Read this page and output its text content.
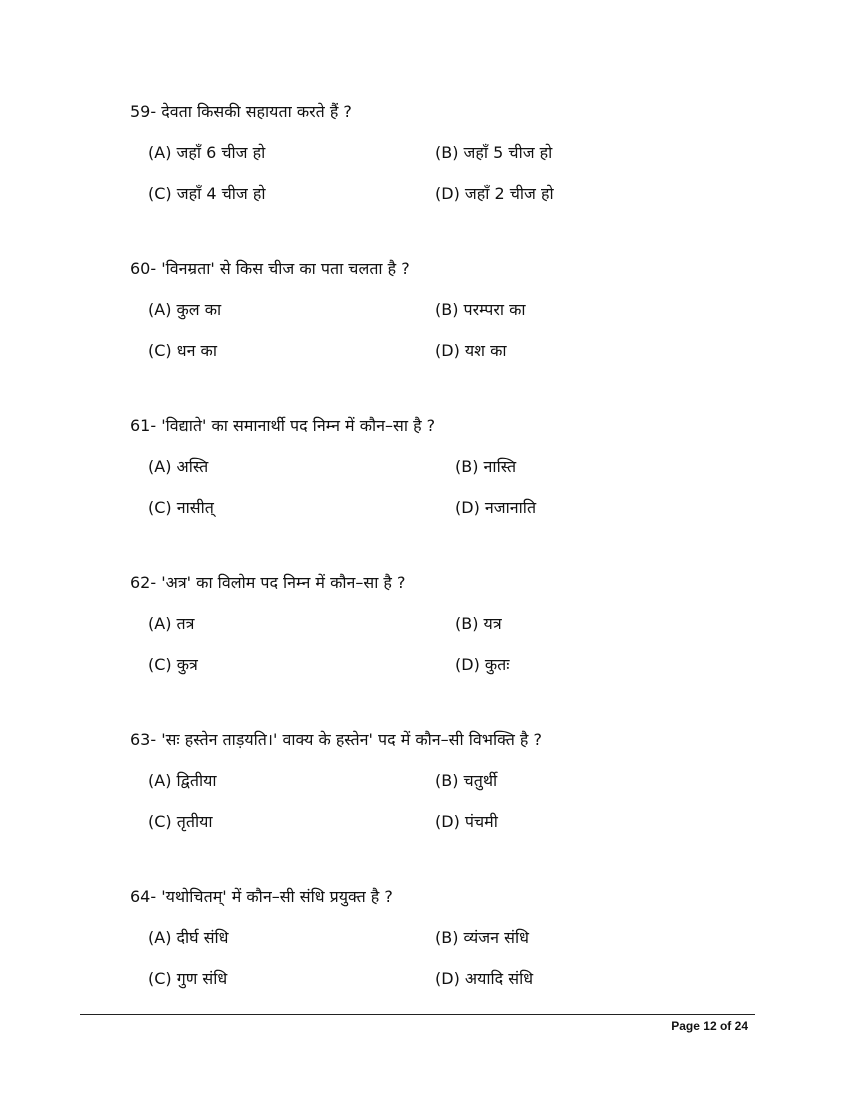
59- देवता किसकी सहायता करते हैं ?
(A) जहाँ 6 चीज हो	(B) जहाँ 5 चीज हो
(C) जहाँ 4 चीज हो	(D) जहाँ 2 चीज हो
60- 'विनम्रता' से किस चीज का पता चलता है ?
(A) कुल का	(B) परम्परा का
(C) धन का	(D) यश का
61- 'विद्याते' का समानार्थी पद निम्न में कौन–सा है ?
(A) अस्ति	(B) नास्ति
(C) नासीत्	(D) नजानाति
62- 'अत्र' का विलोम पद निम्न में कौन–सा है ?
(A) तत्र	(B) यत्र
(C) कुत्र	(D) कुतः
63- 'सः हस्तेन ताड़यति।' वाक्य के हस्तेन' पद में कौन–सी विभक्ति है ?
(A) द्वितीया	(B) चतुर्थी
(C) तृतीया	(D) पंचमी
64- 'यथोचितम्' में कौन–सी संधि प्रयुक्त है ?
(A) दीर्घ संधि	(B) व्यंजन संधि
(C) गुण संधि	(D) अयादि संधि
Page 12 of 24
